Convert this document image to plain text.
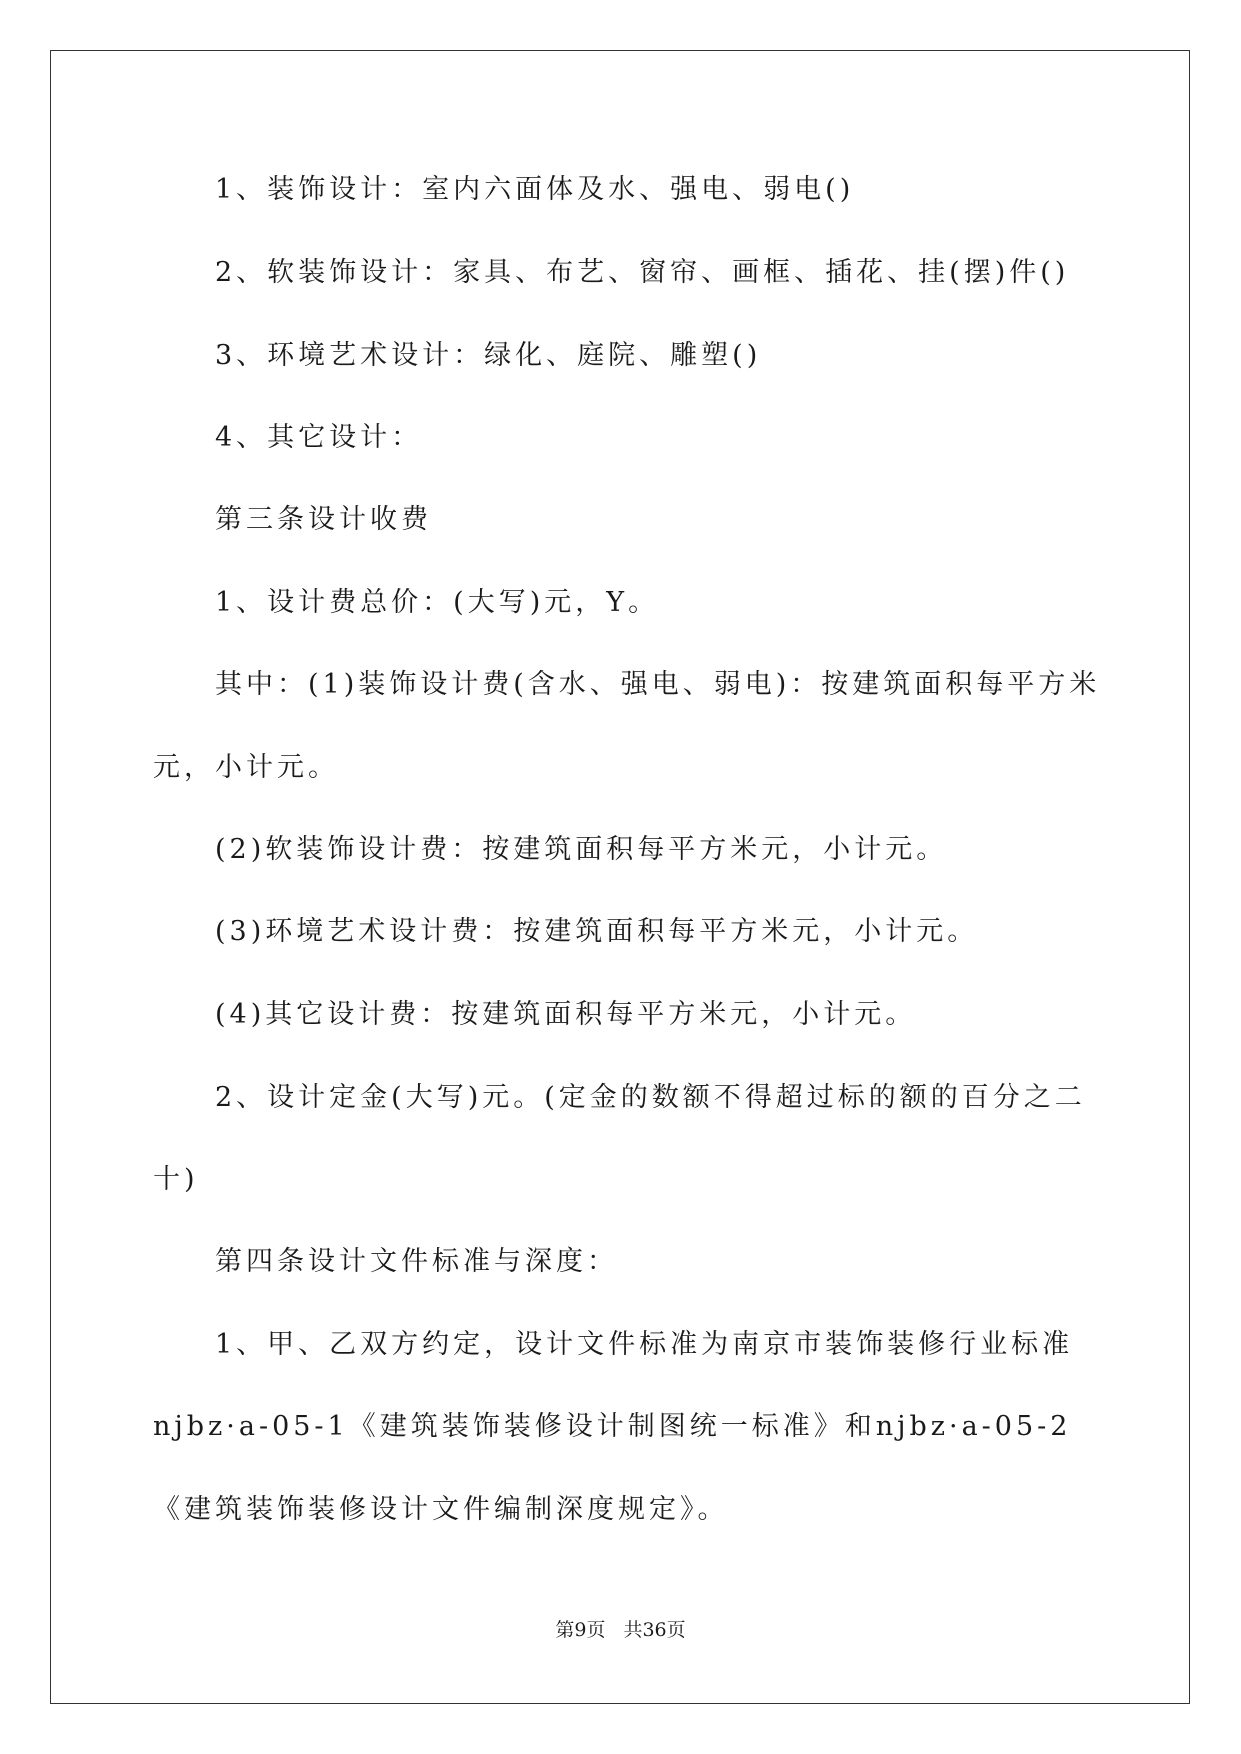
1、装饰设计：室内六面体及水、强电、弱电()
2、软装饰设计：家具、布艺、窗帘、画框、插花、挂(摆)件()
3、环境艺术设计：绿化、庭院、雕塑()
4、其它设计：
第三条设计收费
1、设计费总价：(大写)元，Y。
其中：(1)装饰设计费(含水、强电、弱电)：按建筑面积每平方米
元，小计元。
(2)软装饰设计费：按建筑面积每平方米元，小计元。
(3)环境艺术设计费：按建筑面积每平方米元，小计元。
(4)其它设计费：按建筑面积每平方米元，小计元。
2、设计定金(大写)元。(定金的数额不得超过标的额的百分之二
十)
第四条设计文件标准与深度：
1、甲、乙双方约定，设计文件标准为南京市装饰装修行业标准
njbz·a-05-1《建筑装饰装修设计制图统一标准》和njbz·a-05-2
《建筑装饰装修设计文件编制深度规定》。
第9页 共36页
